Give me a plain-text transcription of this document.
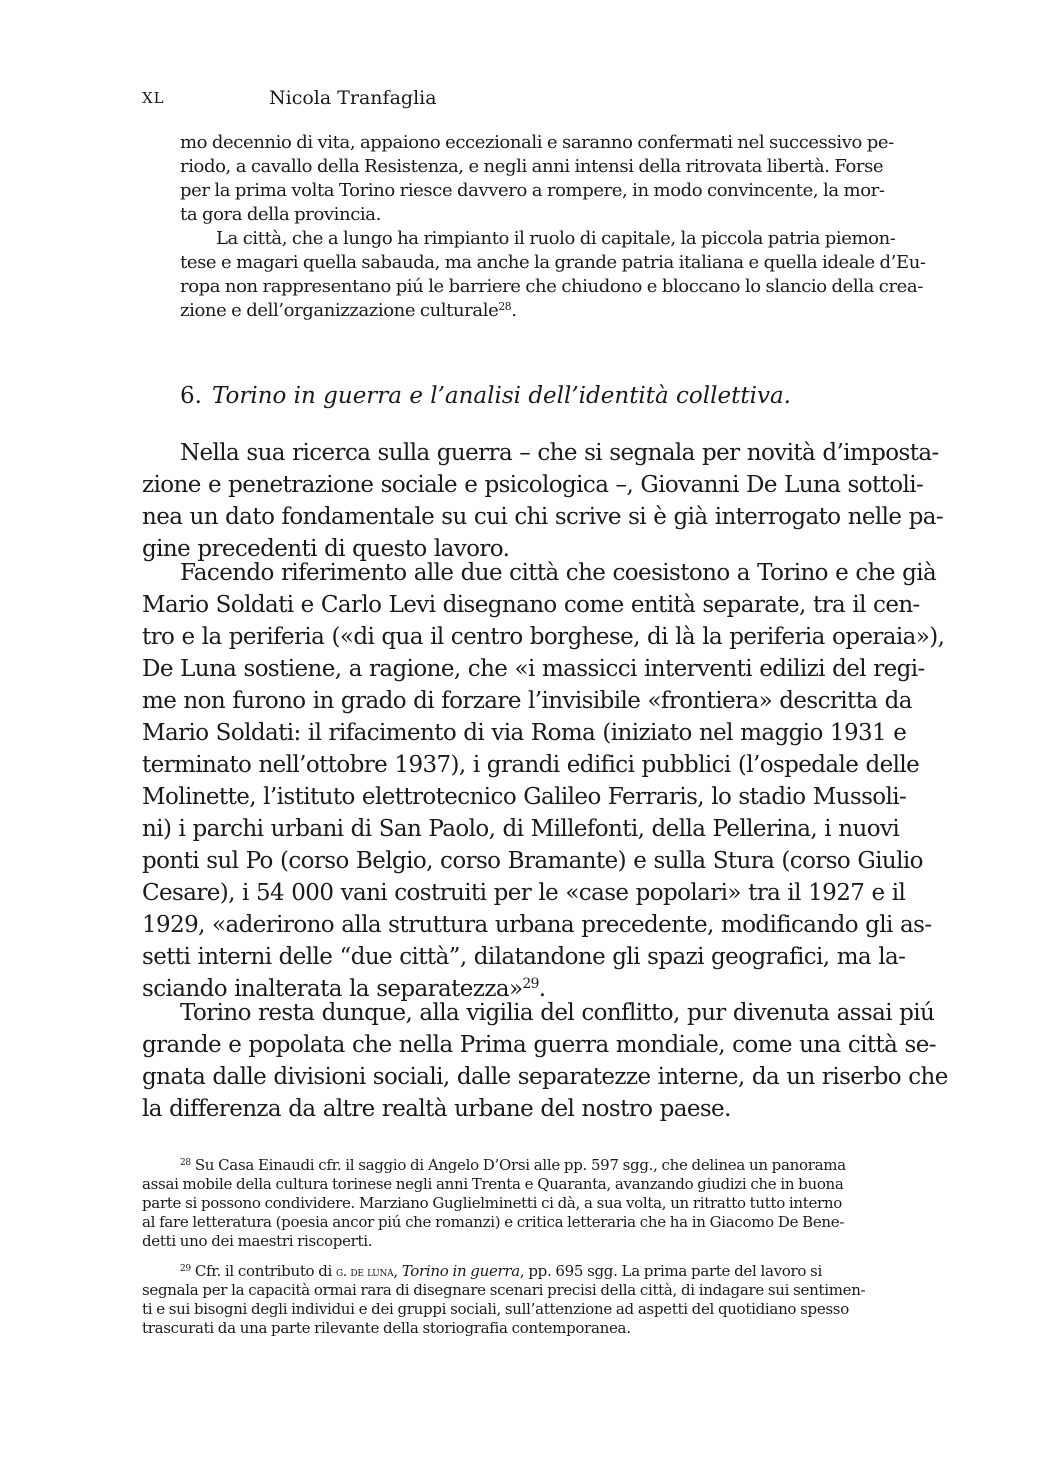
XL	Nicola Tranfaglia
mo decennio di vita, appaiono eccezionali e saranno confermati nel successivo pe-
riodo, a cavallo della Resistenza, e negli anni intensi della ritrovata libertà. Forse
per la prima volta Torino riesce davvero a rompere, in modo convincente, la mor-
ta gora della provincia.
La città, che a lungo ha rimpianto il ruolo di capitale, la piccola patria piemon-
tese e magari quella sabauda, ma anche la grande patria italiana e quella ideale d’Eu-
ropa non rappresentano piú le barriere che chiudono e bloccano lo slancio della crea-
zione e dell’organizzazione culturale$^{28}$.
6. Torino in guerra e l’analisi dell’identità collettiva.
Nella sua ricerca sulla guerra – che si segnala per novità d’imposta-
zione e penetrazione sociale e psicologica –, Giovanni De Luna sottoli-
nea un dato fondamentale su cui chi scrive si è già interrogato nelle pa-
gine precedenti di questo lavoro.
Facendo riferimento alle due città che coesistono a Torino e che già
Mario Soldati e Carlo Levi disegnano come entità separate, tra il cen-
tro e la periferia («di qua il centro borghese, di là la periferia operaia»),
De Luna sostiene, a ragione, che «i massicci interventi edilizi del regi-
me non furono in grado di forzare l’invisibile «frontiera» descritta da
Mario Soldati: il rifacimento di via Roma (iniziato nel maggio 1931 e
terminato nell’ottobre 1937), i grandi edifici pubblici (l’ospedale delle
Molinette, l’istituto elettrotecnico Galileo Ferraris, lo stadio Mussoli-
ni) i parchi urbani di San Paolo, di Millefonti, della Pellerina, i nuovi
ponti sul Po (corso Belgio, corso Bramante) e sulla Stura (corso Giulio
Cesare), i 54 000 vani costruiti per le «case popolari» tra il 1927 e il
1929, «aderirono alla struttura urbana precedente, modificando gli as-
setti interni delle “due città”, dilatandone gli spazi geografici, ma la-
sciando inalterata la separatezza»$^{29}$.
Torino resta dunque, alla vigilia del conflitto, pur divenuta assai piú
grande e popolata che nella Prima guerra mondiale, come una città se-
gnata dalle divisioni sociali, dalle separatezze interne, da un riserbo che
la differenza da altre realtà urbane del nostro paese.
$^{28}$ Su Casa Einaudi cfr. il saggio di Angelo D’Orsi alle pp. 597 sgg., che delinea un panorama
assai mobile della cultura torinese negli anni Trenta e Quaranta, avanzando giudizi che in buona
parte si possono condividere. Marziano Guglielminetti ci dà, a sua volta, un ritratto tutto interno
al fare letteratura (poesia ancor piú che romanzi) e critica letteraria che ha in Giacomo De Bene-
detti uno dei maestri riscoperti.
$^{29}$ Cfr. il contributo di g. de luna, Torino in guerra, pp. 695 sgg. La prima parte del lavoro si
segnala per la capacità ormai rara di disegnare scenari precisi della città, di indagare sui sentimen-
ti e sui bisogni degli individui e dei gruppi sociali, sull’attenzione ad aspetti del quotidiano spesso
trascurati da una parte rilevante della storiografia contemporanea.
